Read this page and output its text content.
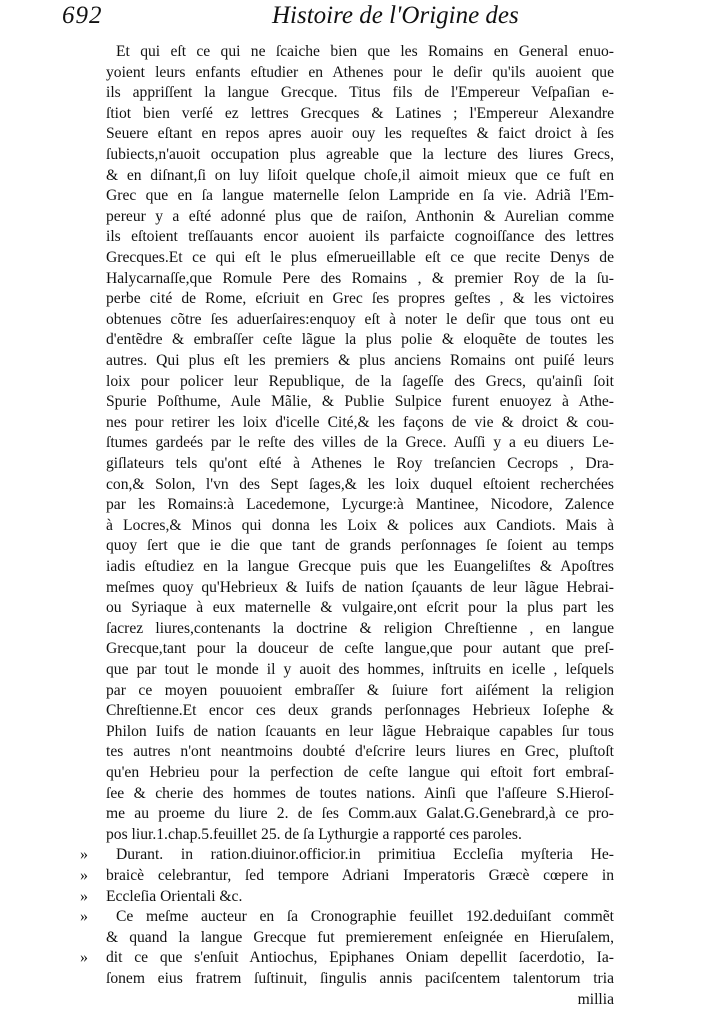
692	Histoire de l'Origine des
Et qui eſt ce qui ne ſcaiche bien que les Romains en General enuo-
yoient leurs enfants eſtudier en Athenes pour le deſir qu'ils auoient que
ils appriſſent la langue Grecque. Titus fils de l'Empereur Veſpaſian e-
ſtiot bien verſé ez lettres Grecques & Latines ; l'Empereur Alexandre
Seuere eſtant en repos apres auoir ouy les requeſtes & faict droict à ſes
ſubiects,n'auoit occupation plus agreable que la lecture des liures Grecs,
& en diſnant,ſi on luy liſoit quelque choſe,il aimoit mieux que ce fuſt en
Grec que en ſa langue maternelle ſelon Lampride en ſa vie. Adriã l'Em-
pereur y a eſté adonné plus que de raiſon, Anthonin & Aurelian comme
ils eſtoient treſſauants encor auoient ils parfaicte cognoiſſance des lettres
Grecques.Et ce qui eſt le plus eſmerueillable eſt ce que recite Denys de
Halycarnaſſe,que Romule Pere des Romains , & premier Roy de la ſu-
perbe cité de Rome, eſcriuit en Grec ſes propres geſtes , & les victoires
obtenues cõtre ſes aduerſaires:enquoy eſt à noter le deſir que tous ont eu
d'entẽdre & embraſſer ceſte lãgue la plus polie & eloquẽte de toutes les
autres. Qui plus eſt les premiers & plus anciens Romains ont puiſé leurs
loix pour policer leur Republique, de la ſageſſe des Grecs, qu'ainſi ſoit
Spurie Poſthume, Aule Mãlie, & Publie Sulpice furent enuoyez à Athe-
nes pour retirer les loix d'icelle Cité,& les façons de vie & droict & cou-
ſtumes gardeés par le reſte des villes de la Grece. Auſſi y a eu diuers Le-
giſlateurs tels qu'ont eſté à Athenes le Roy treſancien Cecrops , Dra-
con,& Solon, l'vn des Sept ſages,& les loix duquel eſtoient recherchées
par les Romains:à Lacedemone, Lycurge:à Mantinee, Nicodore, Zalence
à Locres,& Minos qui donna les Loix & polices aux Candiots. Mais à
quoy ſert que ie die que tant de grands perſonnages ſe ſoient au temps
iadis eſtudiez en la langue Grecque puis que les Euangeliſtes & Apoſtres
meſmes quoy qu'Hebrieux & Iuifs de nation ſçauants de leur lãgue Hebrai-
ou Syriaque à eux maternelle & vulgaire,ont eſcrit pour la plus part les
ſacrez liures,contenants la doctrine & religion Chreſtienne , en langue
Grecque,tant pour la douceur de ceſte langue,que pour autant que preſ-
que par tout le monde il y auoit des hommes, inſtruits en icelle , leſquels
par ce moyen pouuoient embraſſer & ſuiure fort aiſément la religion
Chreſtienne.Et encor ces deux grands perſonnages Hebrieux Ioſephe &
Philon Iuifs de nation ſcauants en leur lãgue Hebraique capables ſur tous
tes autres n'ont neantmoins doubté d'eſcrire leurs liures en Grec, pluſtoſt
qu'en Hebrieu pour la perfection de ceſte langue qui eſtoit fort embraſ-
ſee & cherie des hommes de toutes nations. Ainſi que l'aſſeure S.Hieroſ-
me au proeme du liure 2. de ſes Comm.aux Galat.G.Genebrard,à ce pro-
pos liur.1.chap.5.feuillet 25. de ſa Lythurgie a rapporté ces paroles.
Durant. in ration.diuinor.officior.in primitiua Eccleſia myſteria He-
braicè celebrantur, ſed tempore Adriani Imperatoris Græcè cœpere in
Eccleſia Orientali &c.
Ce meſme aucteur en ſa Cronographie feuillet 192.deduiſant commẽt
& quand la langue Grecque fut premierement enſeignée en Hieruſalem,
dit ce que s'enſuit Antiochus, Epiphanes Oniam depellit ſacerdotio, Ia-
ſonem eius fratrem ſuſtinuit, ſingulis annis paciſcentem talentorum tria
»
»
»
»
»
millia
